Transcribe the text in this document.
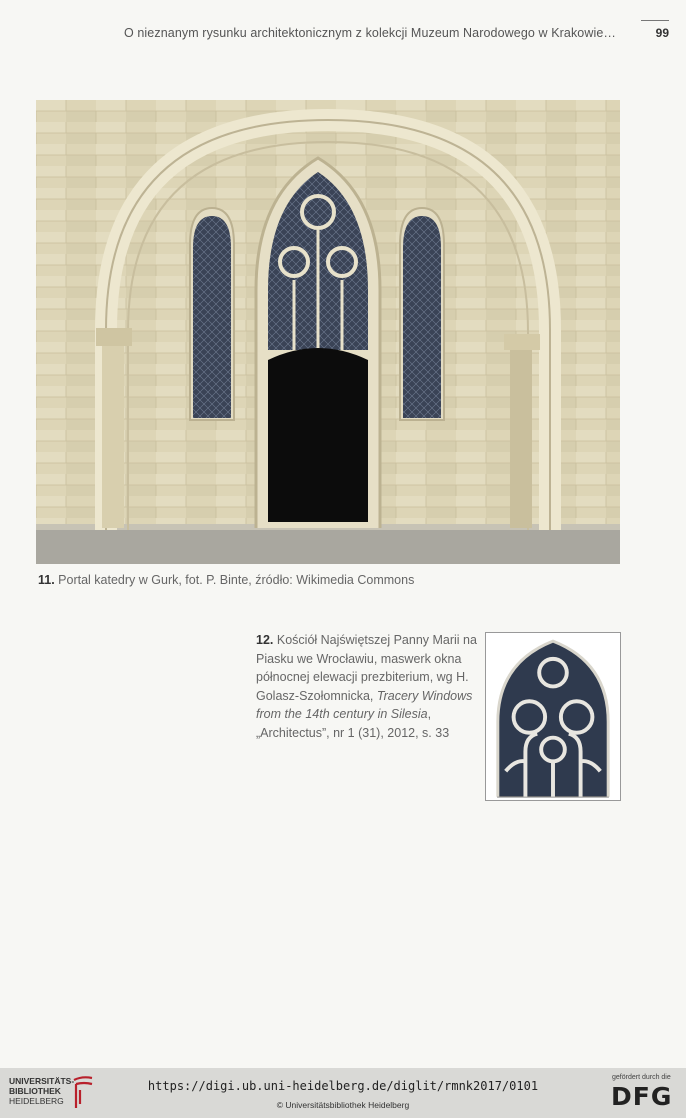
O nieznanym rysunku architektonicznym z kolekcji Muzeum Narodowego w Krakowie…	99
11. Portal katedry w Gurk, fot. P. Binte, źródło: Wikimedia Commons
12. Kościół Najświętszej Panny Marii na Piasku we Wrocławiu, maswerk okna północnej elewacji prezbiterium, wg H. Golasz-Szołomnicka, Tracery Windows from the 14th century in Silesia, „Architectus”, nr 1 (31), 2012, s. 33
UNIVERSITÄTS-
BIBLIOTHEK
HEIDELBERG
https://digi.ub.uni-heidelberg.de/diglit/rmnk2017/0101
© Universitätsbibliothek Heidelberg
gefördert durch die
DFG
